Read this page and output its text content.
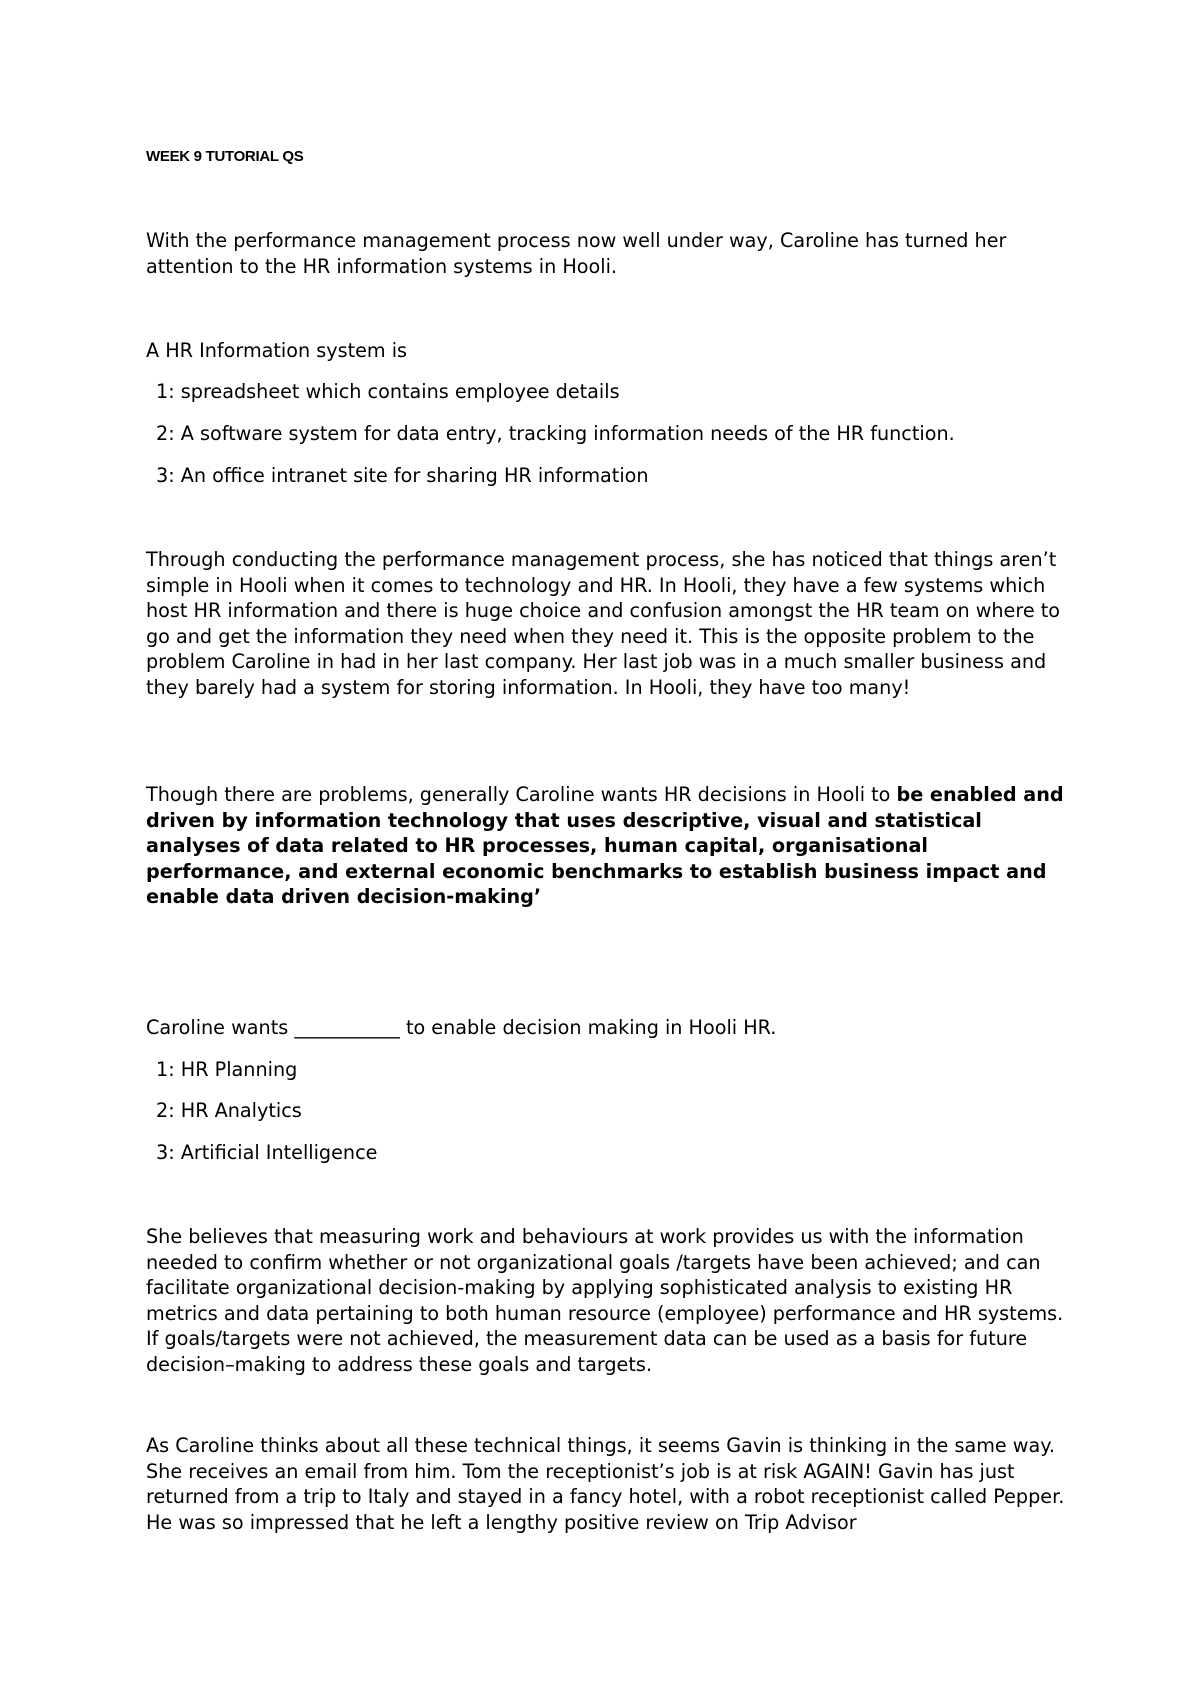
WEEK 9 TUTORIAL QS

With the performance management process now well under way, Caroline has turned her attention to the HR information systems in Hooli.

A HR Information system is
1: spreadsheet which contains employee details
2: A software system for data entry, tracking information needs of the HR function.
3: An office intranet site for sharing HR information

Through conducting the performance management process, she has noticed that things aren’t simple in Hooli when it comes to technology and HR. In Hooli, they have a few systems which host HR information and there is huge choice and confusion amongst the HR team on where to go and get the information they need when they need it. This is the opposite problem to the problem Caroline in had in her last company. Her last job was in a much smaller business and they barely had a system for storing information. In Hooli, they have too many!

Though there are problems, generally Caroline wants HR decisions in Hooli to be enabled and driven by information technology that uses descriptive, visual and statistical analyses of data related to HR processes, human capital, organisational performance, and external economic benchmarks to establish business impact and enable data driven decision-making’

Caroline wants ___________ to enable decision making in Hooli HR.
1: HR Planning
2: HR Analytics
3: Artificial Intelligence

She believes that measuring work and behaviours at work provides us with the information needed to confirm whether or not organizational goals /targets have been achieved; and can facilitate organizational decision-making by applying sophisticated analysis to existing HR metrics and data pertaining to both human resource (employee) performance and HR systems. If goals/targets were not achieved, the measurement data can be used as a basis for future decision–making to address these goals and targets.

As Caroline thinks about all these technical things, it seems Gavin is thinking in the same way. She receives an email from him. Tom the receptionist’s job is at risk AGAIN! Gavin has just returned from a trip to Italy and stayed in a fancy hotel, with a robot receptionist called Pepper. He was so impressed that he left a lengthy positive review on Trip Advisor
